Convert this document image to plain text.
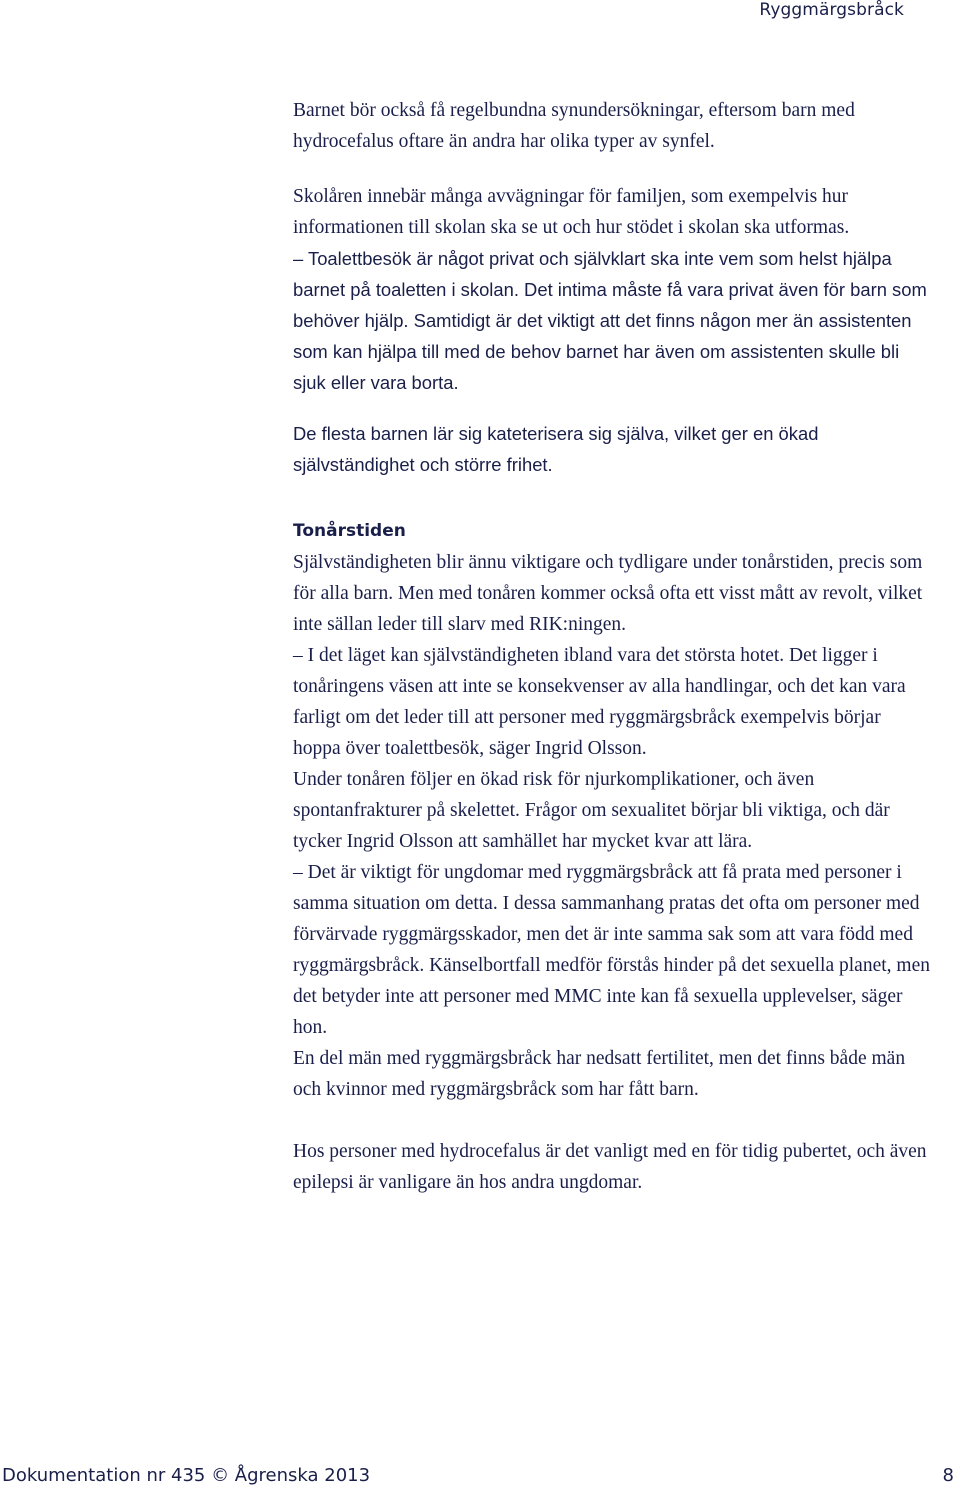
Ryggmärgsbråck

Barnet bör också få regelbundna synundersökningar, eftersom barn med hydrocefalus oftare än andra har olika typer av synfel.

Skolåren innebär många avvägningar för familjen, som exempelvis hur informationen till skolan ska se ut och hur stödet i skolan ska utformas.

– Toalettbesök är något privat och självklart ska inte vem som helst hjälpa barnet på toaletten i skolan. Det intima måste få vara privat även för barn som behöver hjälp. Samtidigt är det viktigt att det finns någon mer än assistenten som kan hjälpa till med de behov barnet har även om assistenten skulle bli sjuk eller vara borta.

De flesta barnen lär sig kateterisera sig själva, vilket ger en ökad självständighet och större frihet.

Tonårstiden

Självständigheten blir ännu viktigare och tydligare under tonårstiden, precis som för alla barn. Men med tonåren kommer också ofta ett visst mått av revolt, vilket inte sällan leder till slarv med RIK:ningen.

– I det läget kan självständigheten ibland vara det största hotet. Det ligger i tonåringens väsen att inte se konsekvenser av alla handlingar, och det kan vara farligt om det leder till att personer med ryggmärgsbråck exempelvis börjar hoppa över toalettbesök, säger Ingrid Olsson.

Under tonåren följer en ökad risk för njurkomplikationer, och även spontanfrakturer på skelettet. Frågor om sexualitet börjar bli viktiga, och där tycker Ingrid Olsson att samhället har mycket kvar att lära.

– Det är viktigt för ungdomar med ryggmärgsbråck att få prata med personer i samma situation om detta. I dessa sammanhang pratas det ofta om personer med förvärvade ryggmärgsskador, men det är inte samma sak som att vara född med ryggmärgsbråck. Känselbortfall medför förstås hinder på det sexuella planet, men det betyder inte att personer med MMC inte kan få sexuella upplevelser, säger hon.

En del män med ryggmärgsbråck har nedsatt fertilitet, men det finns både män och kvinnor med ryggmärgsbråck som har fått barn.

Hos personer med hydrocefalus är det vanligt med en för tidig pubertet, och även epilepsi är vanligare än hos andra ungdomar.

Dokumentation nr 435 © Ågrenska 2013	8
